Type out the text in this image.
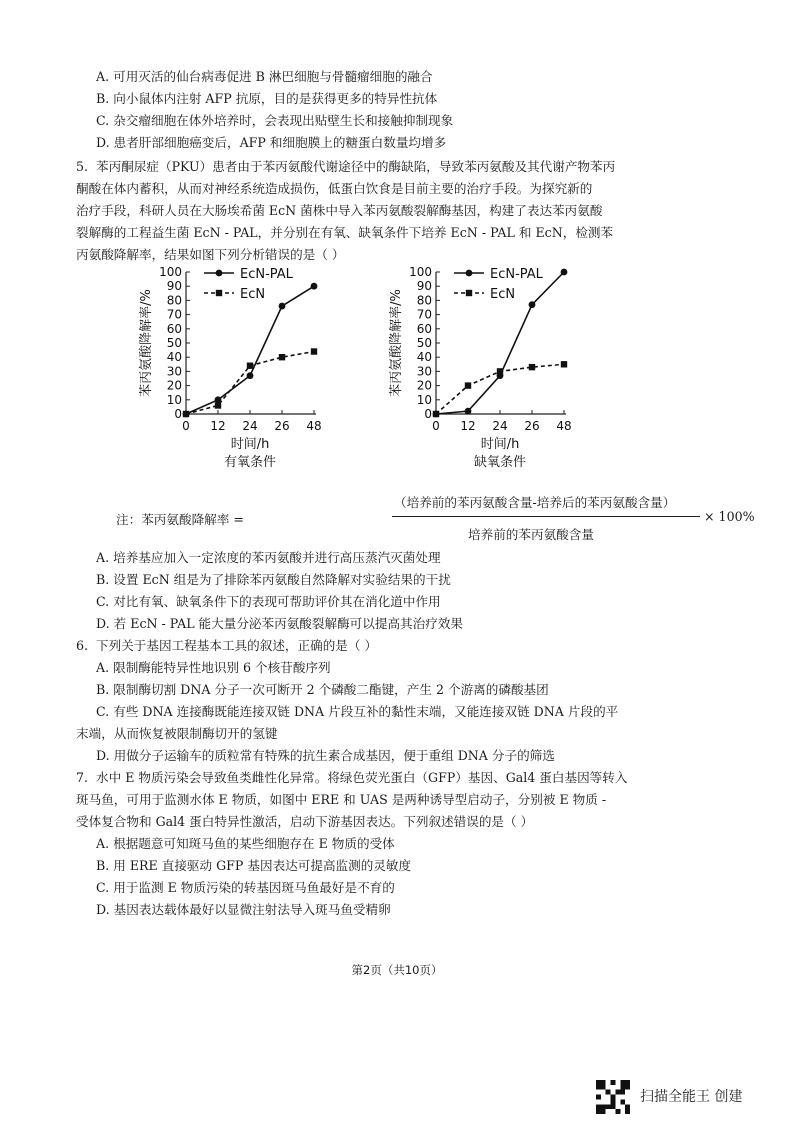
A. 可用灭活的仙台病毒促进 B 淋巴细胞与骨髓瘤细胞的融合
B. 向小鼠体内注射 AFP 抗原，目的是获得更多的特异性抗体
C. 杂交瘤细胞在体外培养时，会表现出贴壁生长和接触抑制现象
D. 患者肝部细胞癌变后，AFP 和细胞膜上的糖蛋白数量均增多
5. 苯丙酮尿症（PKU）患者由于苯丙氨酸代谢途径中的酶缺陷，导致苯丙氨酸及其代谢产物苯丙
酮酸在体内蓄积，从而对神经系统造成损伤，低蛋白饮食是目前主要的治疗手段。为探究新的
治疗手段，科研人员在大肠埃希菌 EcN 菌株中导入苯丙氨酸裂解酶基因，构建了表达苯丙氨酸
裂解酶的工程益生菌 EcN - PAL，并分别在有氧、缺氧条件下培养 EcN - PAL 和 EcN，检测苯
丙氨酸降解率，结果如图下列分析错误的是（ ）
0
10
20
30
40
50
60
70
80
90
100
0 12 24 26 48
时间/h
有氧条件
苯丙氨酸降解率/%
EcN-PAL
EcN
0
10
20
30
40
50
60
70
80
90
100
0 12 24 26 48
时间/h
缺氧条件
苯丙氨酸降解率/%
EcN-PAL
EcN
注：苯丙氨酸降解率 =
（培养前的苯丙氨酸含量-培养后的苯丙氨酸含量）
培养前的苯丙氨酸含量
× 100%
A. 培养基应加入一定浓度的苯丙氨酸并进行高压蒸汽灭菌处理
B. 设置 EcN 组是为了排除苯丙氨酸自然降解对实验结果的干扰
C. 对比有氧、缺氧条件下的表现可帮助评价其在消化道中作用
D. 若 EcN - PAL 能大量分泌苯丙氨酸裂解酶可以提高其治疗效果
6. 下列关于基因工程基本工具的叙述，正确的是（ ）
A. 限制酶能特异性地识别 6 个核苷酸序列
B. 限制酶切割 DNA 分子一次可断开 2 个磷酸二酯键，产生 2 个游离的磷酸基团
C. 有些 DNA 连接酶既能连接双链 DNA 片段互补的黏性末端，又能连接双链 DNA 片段的平
末端，从而恢复被限制酶切开的氢键
D. 用做分子运输车的质粒常有特殊的抗生素合成基因，便于重组 DNA 分子的筛选
7. 水中 E 物质污染会导致鱼类雌性化异常。将绿色荧光蛋白（GFP）基因、Gal4 蛋白基因等转入
斑马鱼，可用于监测水体 E 物质，如图中 ERE 和 UAS 是两种诱导型启动子，分别被 E 物质 -
受体复合物和 Gal4 蛋白特异性激活，启动下游基因表达。下列叙述错误的是（ ）
A. 根据题意可知斑马鱼的某些细胞存在 E 物质的受体
B. 用 ERE 直接驱动 GFP 基因表达可提高监测的灵敏度
C. 用于监测 E 物质污染的转基因斑马鱼最好是不育的
D. 基因表达载体最好以显微注射法导入斑马鱼受精卵
第2页（共10页）
扫描全能王 创建
